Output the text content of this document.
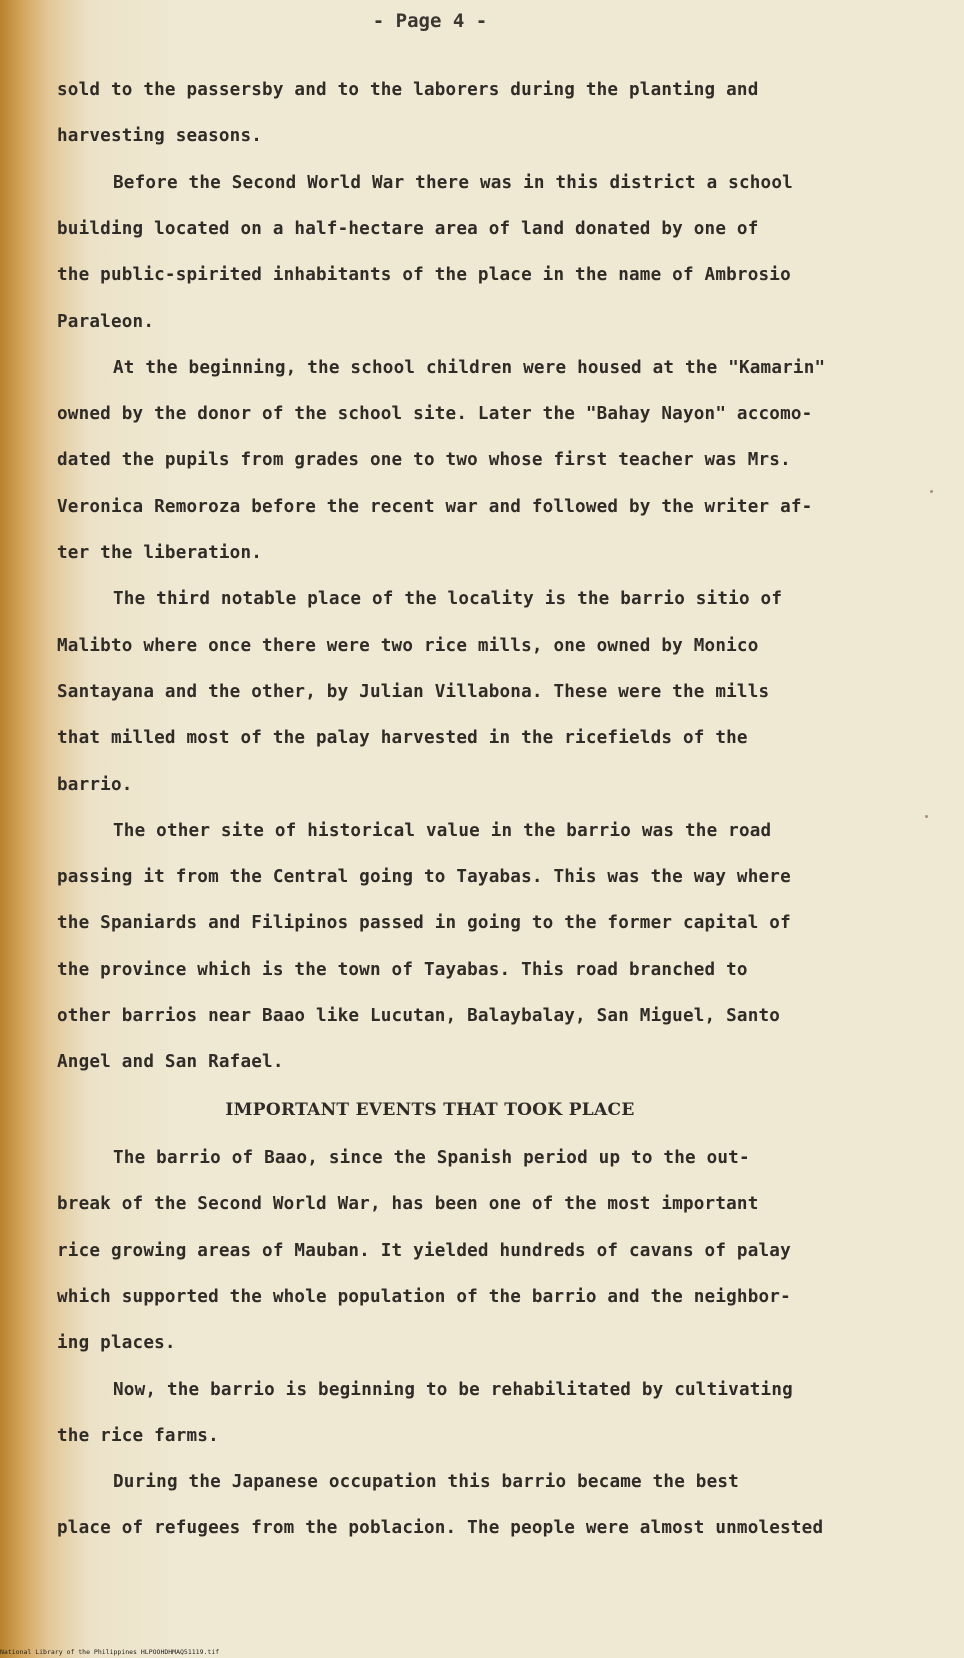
- Page 4 -
sold to the passersby and to the laborers during the planting and
harvesting seasons.
Before the Second World War there was in this district a school
building located on a half-hectare area of land donated by one of
the public-spirited inhabitants of the place in the name of Ambrosio
Paraleon.
At the beginning, the school children were housed at the "Kamarin"
owned by the donor of the school site. Later the "Bahay Nayon" accomo-
dated the pupils from grades one to two whose first teacher was Mrs.
Veronica Remoroza before the recent war and followed by the writer af-
ter the liberation.
The third notable place of the locality is the barrio sitio of
Malibto where once there were two rice mills, one owned by Monico
Santayana and the other, by Julian Villabona. These were the mills
that milled most of the palay harvested in the ricefields of the
barrio.
The other site of historical value in the barrio was the road
passing it from the Central going to Tayabas. This was the way where
the Spaniards and Filipinos passed in going to the former capital of
the province which is the town of Tayabas. This road branched to
other barrios near Baao like Lucutan, Balaybalay, San Miguel, Santo
Angel and San Rafael.
IMPORTANT EVENTS THAT TOOK PLACE
The barrio of Baao, since the Spanish period up to the out-
break of the Second World War, has been one of the most important
rice growing areas of Mauban. It yielded hundreds of cavans of palay
which supported the whole population of the barrio and the neighbor-
ing places.
Now, the barrio is beginning to be rehabilitated by cultivating
the rice farms.
During the Japanese occupation this barrio became the best
place of refugees from the poblacion. The people were almost unmolested
National Library of the Philippines HLPOOHDHMAQ51119.tif
